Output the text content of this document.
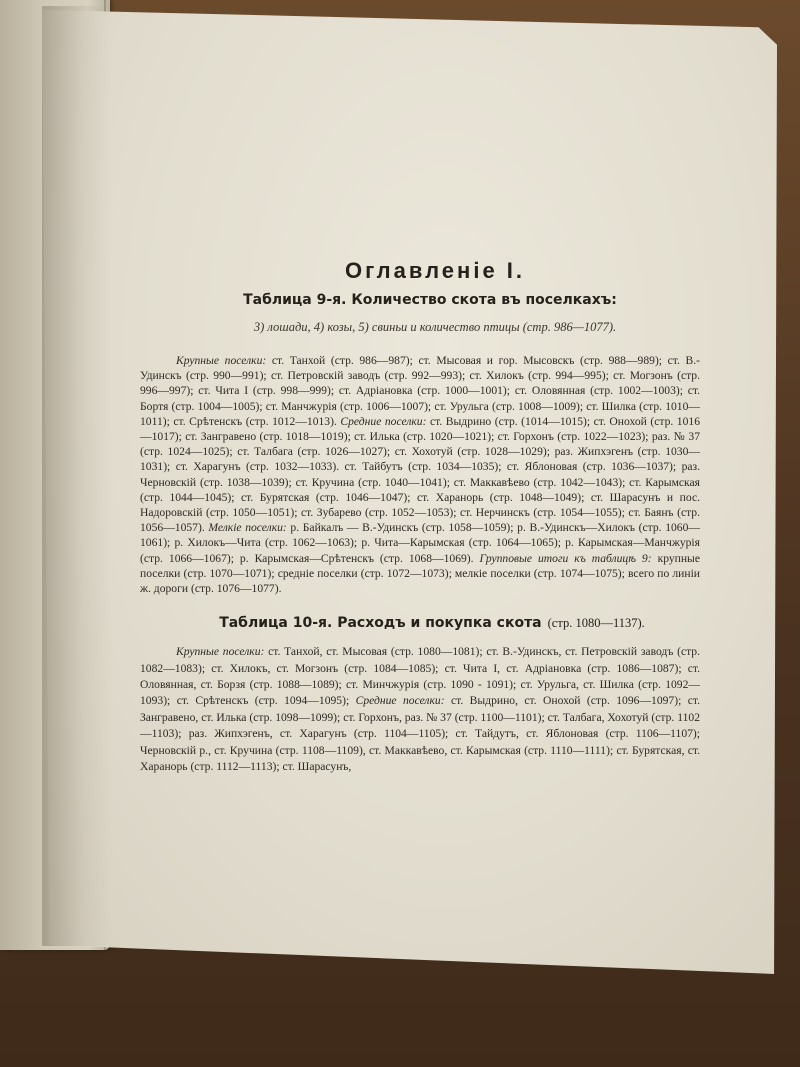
Оглавленіе I.
Таблица 9-я. Количество скота въ поселкахъ:
3) лошади, 4) козы, 5) свиньи и количество птицы (стр. 986—1077).

Крупные поселки: ст. Танхой (стр. 986—987); ст. Мысовая и гор. Мысовскъ (стр. 988—989); ст. В.-Удинскъ (стр. 990—991); ст. Петровскій заводъ (стр. 992—993); ст. Хилокъ (стр. 994—995); ст. Могзонъ (стр. 996—997); ст. Чита I (стр. 998—999); ст. Адріановка (стр. 1000—1001); ст. Оловянная (стр. 1002—1003); ст. Бортя (стр. 1004—1005); ст. Манчжурія (стр. 1006—1007); ст. Урульга (стр. 1008—1009); ст. Шилка (стр. 1010—1011); ст. Срѣтенскъ (стр. 1012—1013). Средние поселки: ст. Выдрино (стр. (1014—1015); ст. Онохой (стр. 1016—1017); ст. Зангравено (стр. 1018—1019); ст. Илька (стр. 1020—1021); ст. Горхонъ (стр. 1022—1023); раз. № 37 (стр. 1024—1025); ст. Талбага (стр. 1026—1027); ст. Хохотуй (стр. 1028—1029); раз. Жипхэгенъ (стр. 1030—1031); ст. Харагунъ (стр. 1032—1033). ст. Тайбутъ (стр. 1034—1035); ст. Яблоновая (стр. 1036—1037); раз. Черновскій (стр. 1038—1039); ст. Кручина (стр. 1040—1041); ст. Маккавѣево (стр. 1042—1043); ст. Карымская (стр. 1044—1045); ст. Бурятская (стр. 1046—1047); ст. Харанорь (стр. 1048—1049); ст. Шарасунъ и пос. Надоровскій (стр. 1050—1051); ст. Зубарево (стр. 1052—1053); ст. Нерчинскъ (стр. 1054—1055); ст. Баянъ (стр. 1056—1057). Мелкіе поселки: р. Байкалъ — В.-Удинскъ (стр. 1058—1059); р. В.-Удинскъ—Хилокъ (стр. 1060—1061); р. Хилокъ—Чита (стр. 1062—1063); р. Чита—Карымская (стр. 1064—1065); р. Карымская—Манчжурія (стр. 1066—1067); р. Карымская—Срѣтенскъ (стр. 1068—1069). Групповые итоги къ таблицѣ 9: крупные поселки (стр. 1070—1071); средніе поселки (стр. 1072—1073); мелкіе поселки (стр. 1074—1075); всего по линіи ж. дороги (стр. 1076—1077).

Таблица 10-я. Расходъ и покупка скота (стр. 1080—1137).

Крупные поселки: ст. Танхой, ст. Мысовая (стр. 1080—1081); ст. В.-Удинскъ, ст. Петровскій заводъ (стр. 1082—1083); ст. Хилокъ, ст. Могзонъ (стр. 1084—1085); ст. Чита I, ст. Адріановка (стр. 1086—1087); ст. Оловянная, ст. Борзя (стр. 1088—1089); ст. Минчжурія (стр. 1090 - 1091); ст. Урульга, ст. Шилка (стр. 1092—1093); ст. Срѣтенскъ (стр. 1094—1095); Средние поселки: ст. Выдрино, ст. Онохой (стр. 1096—1097); ст. Зангравено, ст. Илька (стр. 1098—1099); ст. Горхонъ, раз. № 37 (стр. 1100—1101); ст. Талбага, Хохотуй (стр. 1102—1103); раз. Жипхэгенъ, ст. Харагунъ (стр. 1104—1105); ст. Тайдутъ, ст. Яблоновая (стр. 1106—1107); Черновскій р., ст. Кручина (стр. 1108—1109), ст. Маккавѣево, ст. Карымская (стр. 1110—1111); ст. Бурятская, ст. Харанорь (стр. 1112—1113); ст. Шарасунъ,
